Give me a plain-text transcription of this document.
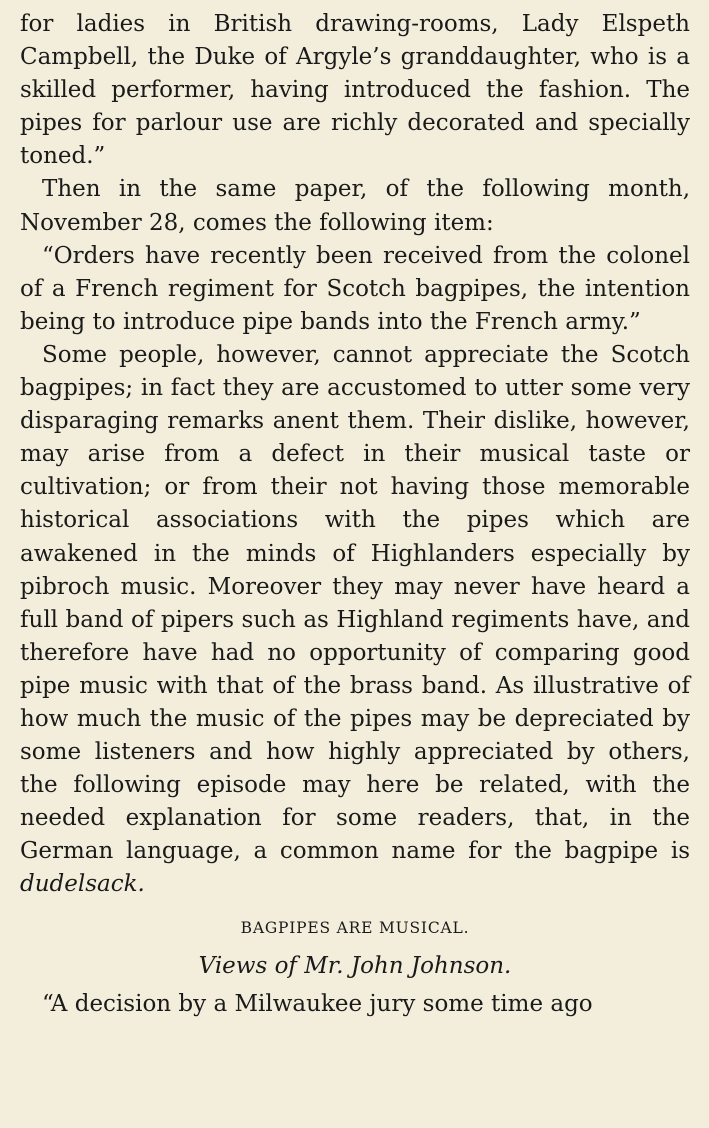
for ladies in British drawing-rooms, Lady Elspeth Campbell, the Duke of Argyle’s granddaughter, who is a skilled performer, having introduced the fashion. The pipes for parlour use are richly decorated and specially toned.”

Then in the same paper, of the following month, November 28, comes the following item:

“Orders have recently been received from the colonel of a French regiment for Scotch bagpipes, the intention being to introduce pipe bands into the French army.”

Some people, however, cannot appreciate the Scotch bagpipes; in fact they are accustomed to utter some very disparaging remarks anent them. Their dislike, however, may arise from a defect in their musical taste or cultivation; or from their not having those memorable historical associations with the pipes which are awakened in the minds of Highlanders especially by pibroch music. Moreover they may never have heard a full band of pipers such as Highland regiments have, and therefore have had no opportunity of comparing good pipe music with that of the brass band. As illustrative of how much the music of the pipes may be depreciated by some listeners and how highly appreciated by others, the following episode may here be related, with the needed explanation for some readers, that, in the German language, a common name for the bagpipe is dudelsack.

BAGPIPES ARE MUSICAL.

Views of Mr. John Johnson.

“A decision by a Milwaukee jury some time ago
